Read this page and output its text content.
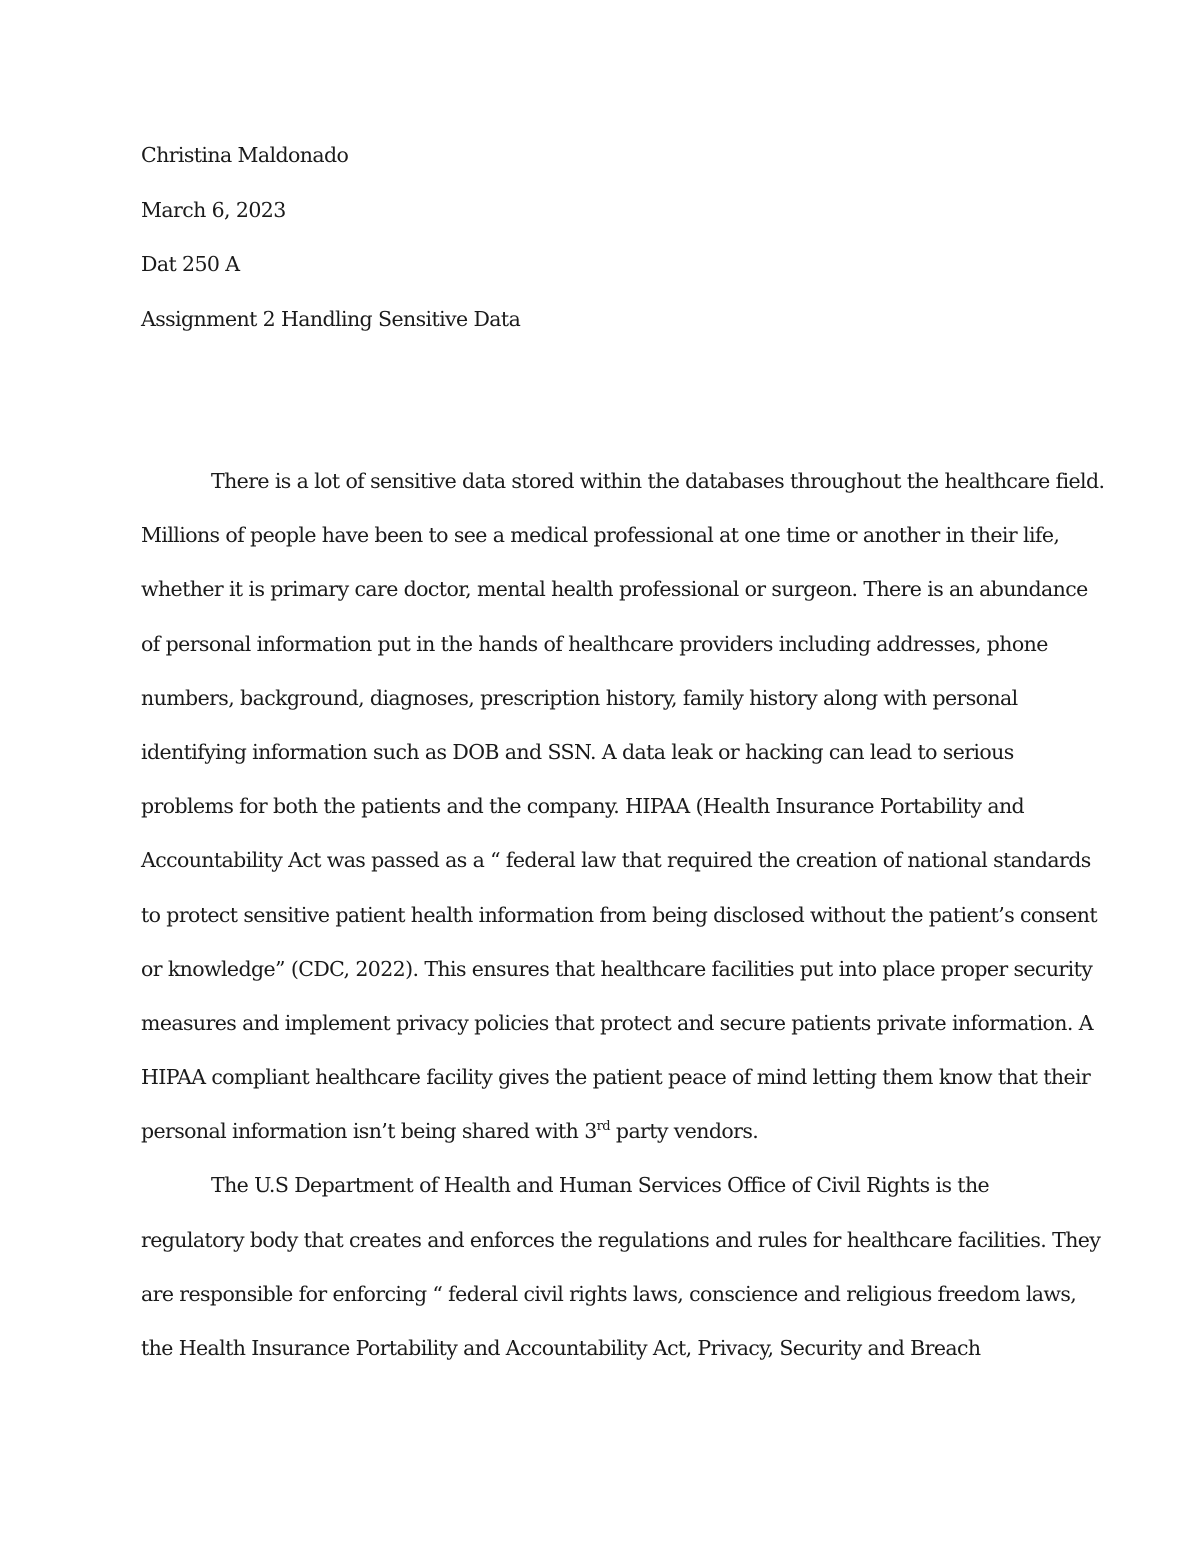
Christina Maldonado
March 6, 2023
Dat 250 A
Assignment 2 Handling Sensitive Data
There is a lot of sensitive data stored within the databases throughout the healthcare field.
Millions of people have been to see a medical professional at one time or another in their life,
whether it is primary care doctor, mental health professional or surgeon. There is an abundance
of personal information put in the hands of healthcare providers including addresses, phone
numbers, background, diagnoses, prescription history, family history along with personal
identifying information such as DOB and SSN. A data leak or hacking can lead to serious
problems for both the patients and the company. HIPAA (Health Insurance Portability and
Accountability Act was passed as a “ federal law that required the creation of national standards
to protect sensitive patient health information from being disclosed without the patient’s consent
or knowledge” (CDC, 2022). This ensures that healthcare facilities put into place proper security
measures and implement privacy policies that protect and secure patients private information. A
HIPAA compliant healthcare facility gives the patient peace of mind letting them know that their
personal information isn’t being shared with 3rd party vendors.
The U.S Department of Health and Human Services Office of Civil Rights is the
regulatory body that creates and enforces the regulations and rules for healthcare facilities. They
are responsible for enforcing “ federal civil rights laws, conscience and religious freedom laws,
the Health Insurance Portability and Accountability Act, Privacy, Security and Breach
